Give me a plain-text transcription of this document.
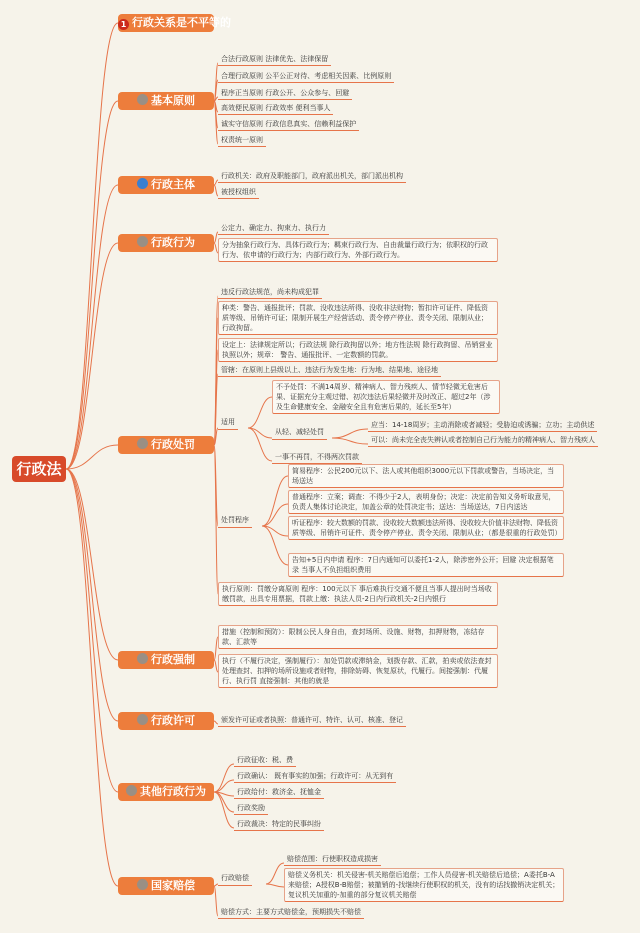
行政法
1 行政关系是不平等的
基本原则
合法行政原则 法律优先、法律保留
合理行政原则 公平公正对待、考虑相关因素、比例原则
程序正当原则 行政公开、公众参与、回避
高效便民原则 行政效率 便利当事人
诚实守信原则 行政信息真实、信赖利益保护
权责统一原则
行政主体
行政机关：政府及职能部门，政府派出机关，部门派出机构
被授权组织
行政行为
公定力、确定力、拘束力、执行力
分为抽象行政行为、具体行政行为；羁束行政行为、自由裁量行政行为；依职权的行政行为、依申请的行政行为；内部行政行为、外部行政行为。
行政处罚
违反行政法规范，尚未构成犯罪
种类：警告、通报批评；罚款、没收违法所得、没收非法财物；暂扣许可证件、降低资质等级、吊销许可证；限制开展生产经营活动、责令停产停业、责令关闭、限制从业；行政拘留。
设定上：法律规定所以；行政法规 除行政拘留以外；地方性法规 除行政拘留、吊销营业执照以外；规章： 警告、通报批评、一定数额的罚款。
管辖：在原则上县级以上、违法行为发生地：行为地、结果地、途径地
适用
不予处罚：不满14周岁、精神病人、智力残疾人、情节轻微无危害后果、证据充分主观过错、初次违法后果轻微并及时改正、超过2年（涉及生命健康安全、金融安全且有危害后果的，延长至5年）
从轻、减轻处罚
应当：14-18周岁；主动消除或者减轻；受胁迫或诱骗；立功；主动供述
可以：尚未完全丧失辨认或者控制自己行为能力的精神病人、智力残疾人
一事不再罚，不得两次罚款
处罚程序
简易程序：公民200元以下、法人或其他组织3000元以下罚款或警告，当场决定，当场送达
普通程序：立案；调查：不得少于2人，表明身份；决定：决定前告知义务听取意见，负责人集体讨论决定，加盖公章的处罚决定书；送达：当场送达，7日内送达
听证程序：较大数额的罚款、没收较大数额违法所得、没收较大价值非法财物、降低资质等级、吊销许可证件、责令停产停业、责令关闭、限制从业；（都是很重的行政处罚）
告知+5日内申请 程序：7日内通知可以委托1-2人，除涉密外公开；回避 决定根据笔录 当事人不负担组织费用
执行原则：罚缴分离原则 程序：100元以下 事后难执行交通不便且当事人提出时当场收缴罚款，出具专用票据，罚款上缴：执法人员-2日内行政机关-2日内银行
行政强制
措施（控制和预防）：限制公民人身自由，查封场所、设施、财物，扣押财物，冻结存款、汇款等
执行（不履行决定，强制履行）：加处罚款或滞纳金，划拨存款、汇款，拍卖或依法查封处理查封、扣押的场所设施或者财物，排除妨碍、恢复原状，代履行。间接强制：代履行、执行罚 直接强制：其他的就是
行政许可	颁发许可证或者执照：普通许可、特许、认可、核准、登记
其他行政行为
行政征收：税、费
行政确认： 既有事实的加强；行政许可：从无到有
行政给付：救济金、抚恤金
行政奖励
行政裁决：特定的民事纠纷
国家赔偿
行政赔偿
赔偿范围：行使职权造成损害
赔偿义务机关：机关侵害-机关赔偿后追偿；工作人员侵害-机关赔偿后追偿；A委托B-A来赔偿；A授权B-B赔偿；被撤销的-找继续行使职权的机关，没有的话找撤销决定机关；复议机关加重的-加重的部分复议机关赔偿
赔偿方式：主要方式赔偿金，预期损失不赔偿
